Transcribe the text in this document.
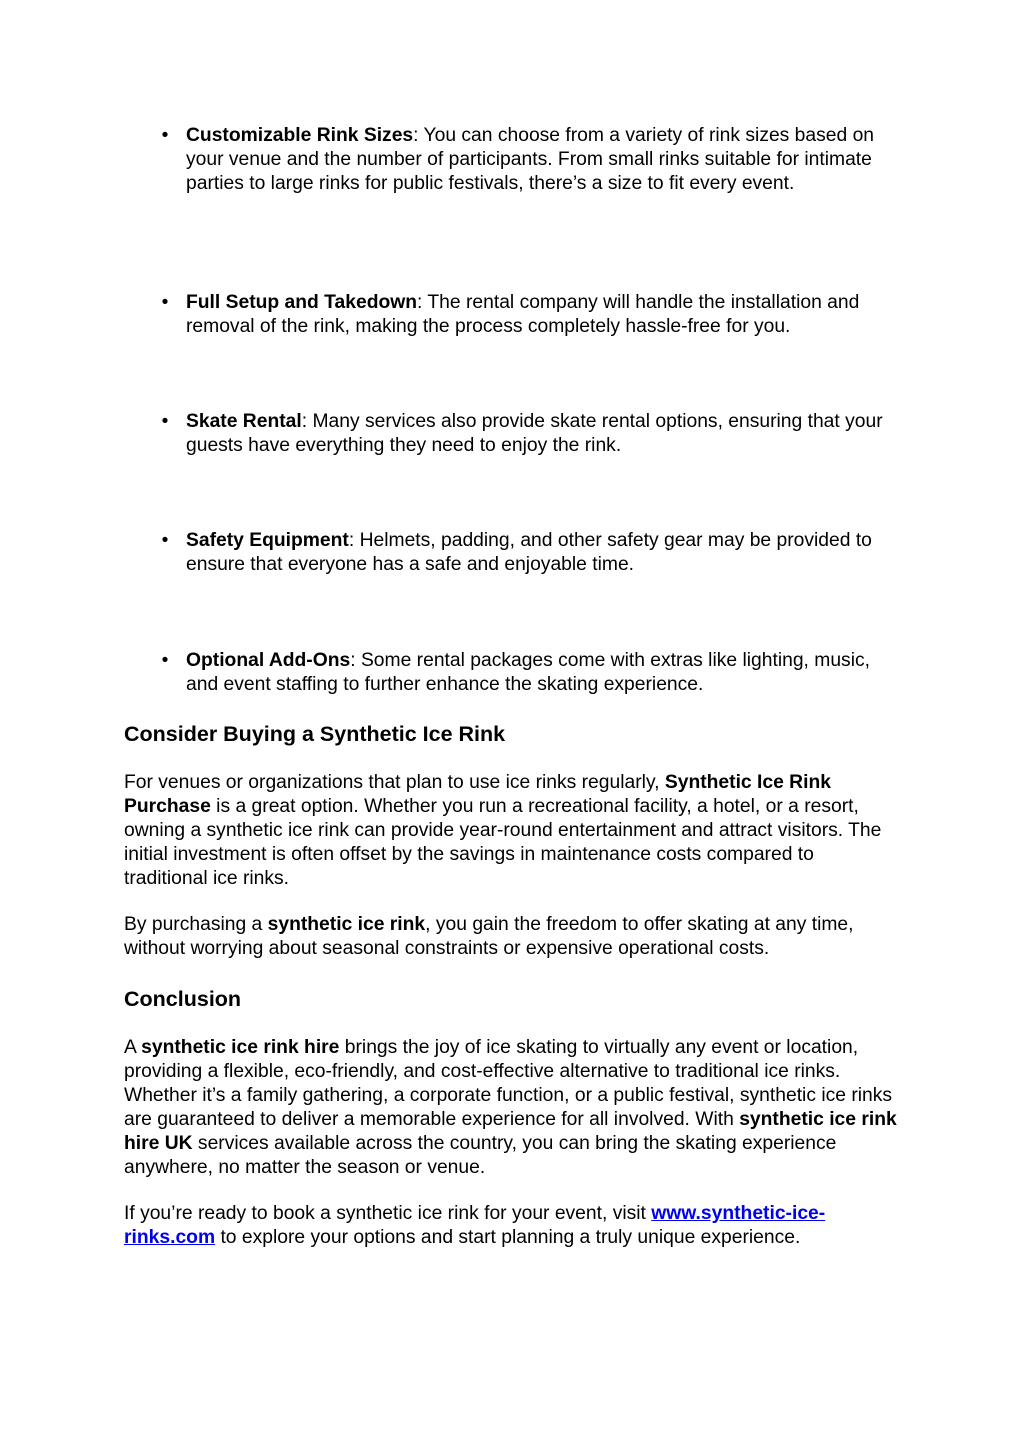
• Customizable Rink Sizes: You can choose from a variety of rink sizes based on your venue and the number of participants. From small rinks suitable for intimate parties to large rinks for public festivals, there’s a size to fit every event.
• Full Setup and Takedown: The rental company will handle the installation and removal of the rink, making the process completely hassle-free for you.
• Skate Rental: Many services also provide skate rental options, ensuring that your guests have everything they need to enjoy the rink.
• Safety Equipment: Helmets, padding, and other safety gear may be provided to ensure that everyone has a safe and enjoyable time.
• Optional Add-Ons: Some rental packages come with extras like lighting, music, and event staffing to further enhance the skating experience.
Consider Buying a Synthetic Ice Rink

For venues or organizations that plan to use ice rinks regularly, Synthetic Ice Rink Purchase is a great option. Whether you run a recreational facility, a hotel, or a resort, owning a synthetic ice rink can provide year-round entertainment and attract visitors. The initial investment is often offset by the savings in maintenance costs compared to traditional ice rinks.

By purchasing a synthetic ice rink, you gain the freedom to offer skating at any time, without worrying about seasonal constraints or expensive operational costs.

Conclusion

A synthetic ice rink hire brings the joy of ice skating to virtually any event or location, providing a flexible, eco-friendly, and cost-effective alternative to traditional ice rinks. Whether it’s a family gathering, a corporate function, or a public festival, synthetic ice rinks are guaranteed to deliver a memorable experience for all involved. With synthetic ice rink hire UK services available across the country, you can bring the skating experience anywhere, no matter the season or venue.

If you’re ready to book a synthetic ice rink for your event, visit www.synthetic-ice-rinks.com to explore your options and start planning a truly unique experience.
